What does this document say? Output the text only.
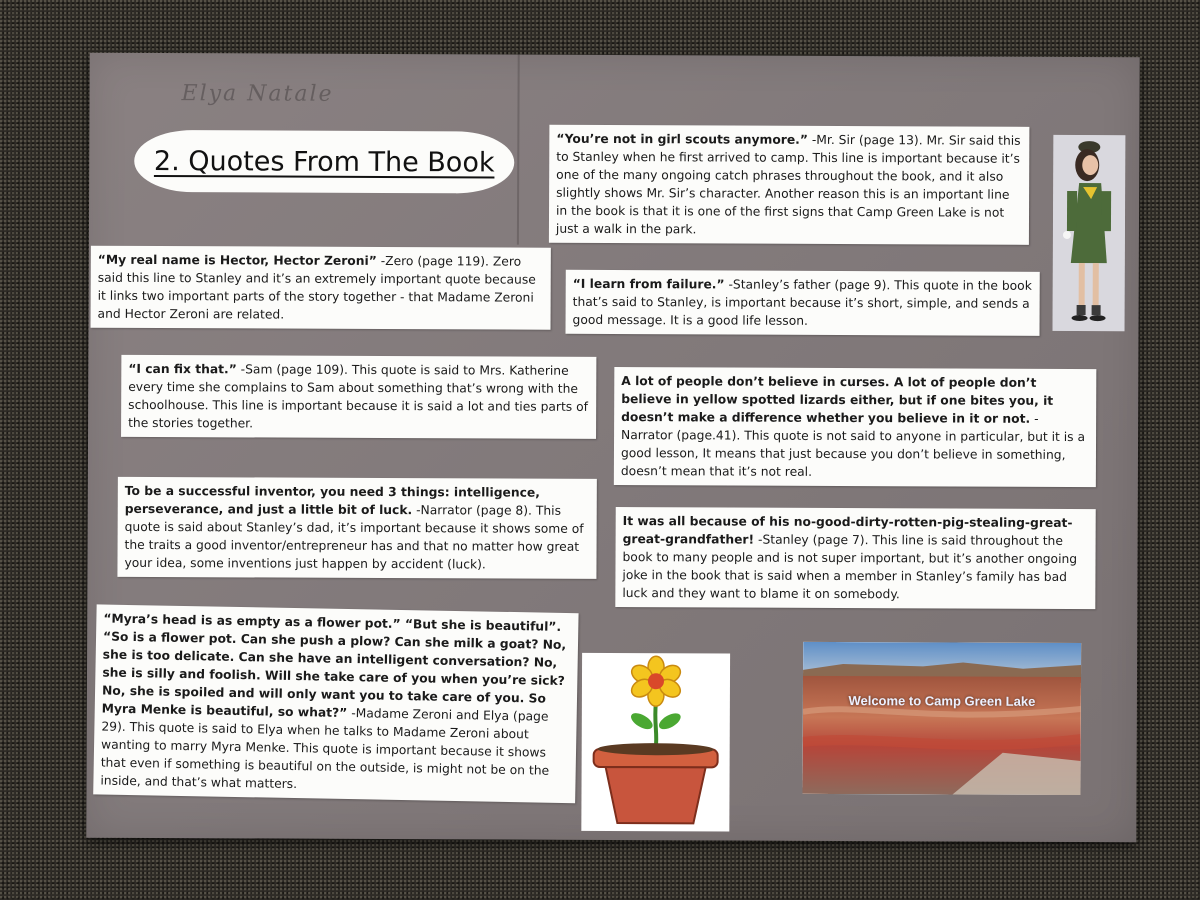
Elya Natale
2. Quotes From The Book
“You’re not in girl scouts anymore.” -Mr. Sir (page 13). Mr. Sir said this to Stanley when he first arrived to camp. This line is important because it’s one of the many ongoing catch phrases throughout the book, and it also slightly shows Mr. Sir’s character. Another reason this is an important line in the book is that it is one of the first signs that Camp Green Lake is not just a walk in the park.
“My real name is Hector, Hector Zeroni” -Zero (page 119). Zero said this line to Stanley and it’s an extremely important quote because it links two important parts of the story together - that Madame Zeroni and Hector Zeroni are related.
“I learn from failure.” -Stanley’s father (page 9). This quote in the book that’s said to Stanley, is important because it’s short, simple, and sends a good message. It is a good life lesson.
“I can fix that.” -Sam (page 109). This quote is said to Mrs. Katherine every time she complains to Sam about something that’s wrong with the schoolhouse. This line is important because it is said a lot and ties parts of the stories together.
A lot of people don’t believe in curses. A lot of people don’t believe in yellow spotted lizards either, but if one bites you, it doesn’t make a difference whether you believe in it or not. -Narrator (page.41). This quote is not said to anyone in particular, but it is a good lesson, It means that just because you don’t believe in something, doesn’t mean that it’s not real.
To be a successful inventor, you need 3 things: intelligence, perseverance, and just a little bit of luck. -Narrator (page 8). This quote is said about Stanley’s dad, it’s important because it shows some of the traits a good inventor/entrepreneur has and that no matter how great your idea, some inventions just happen by accident (luck).
It was all because of his no-good-dirty-rotten-pig-stealing-great-great-grandfather! -Stanley (page 7). This line is said throughout the book to many people and is not super important, but it’s another ongoing joke in the book that is said when a member in Stanley’s family has bad luck and they want to blame it on somebody.
“Myra’s head is as empty as a flower pot.” “But she is beautiful”. “So is a flower pot. Can she push a plow? Can she milk a goat? No, she is too delicate. Can she have an intelligent conversation? No, she is silly and foolish. Will she take care of you when you’re sick? No, she is spoiled and will only want you to take care of you. So Myra Menke is beautiful, so what?” -Madame Zeroni and Elya (page 29). This quote is said to Elya when he talks to Madame Zeroni about wanting to marry Myra Menke. This quote is important because it shows that even if something is beautiful on the outside, is might not be on the inside, and that’s what matters.
Welcome to Camp Green Lake
